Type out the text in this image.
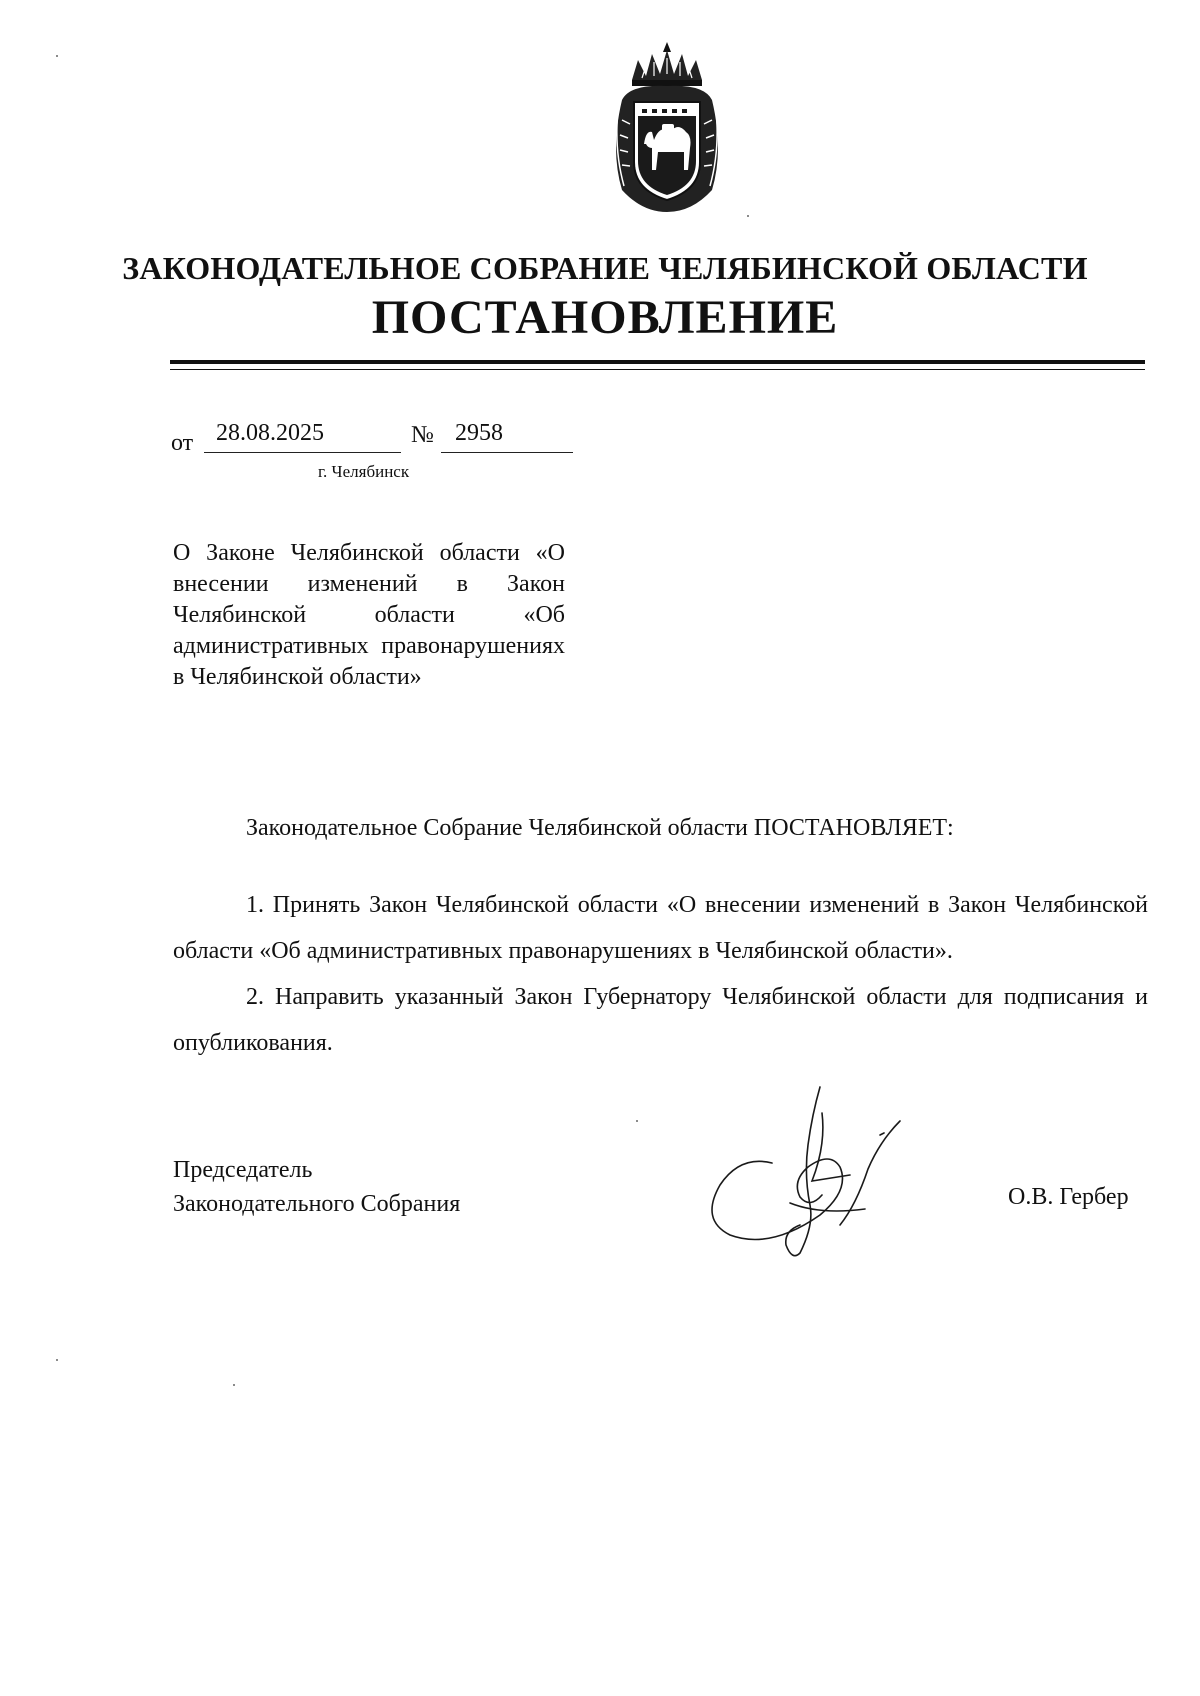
ЗАКОНОДАТЕЛЬНОЕ СОБРАНИЕ ЧЕЛЯБИНСКОЙ ОБЛАСТИ
ПОСТАНОВЛЕНИЕ
от 28.08.2025	№ 2958
г. Челябинск
О Законе Челябинской области «О внесении изменений в Закон Челябинской области «Об административных правонарушениях в Челябинской области»
Законодательное Собрание Челябинской области ПОСТАНОВЛЯЕТ:
1. Принять Закон Челябинской области «О внесении изменений в Закон Челябинской области «Об административных правонарушениях в Челябинской области».
2. Направить указанный Закон Губернатору Челябинской области для подписания и опубликования.
Председатель
Законодательного Собрания	О.В. Гербер
